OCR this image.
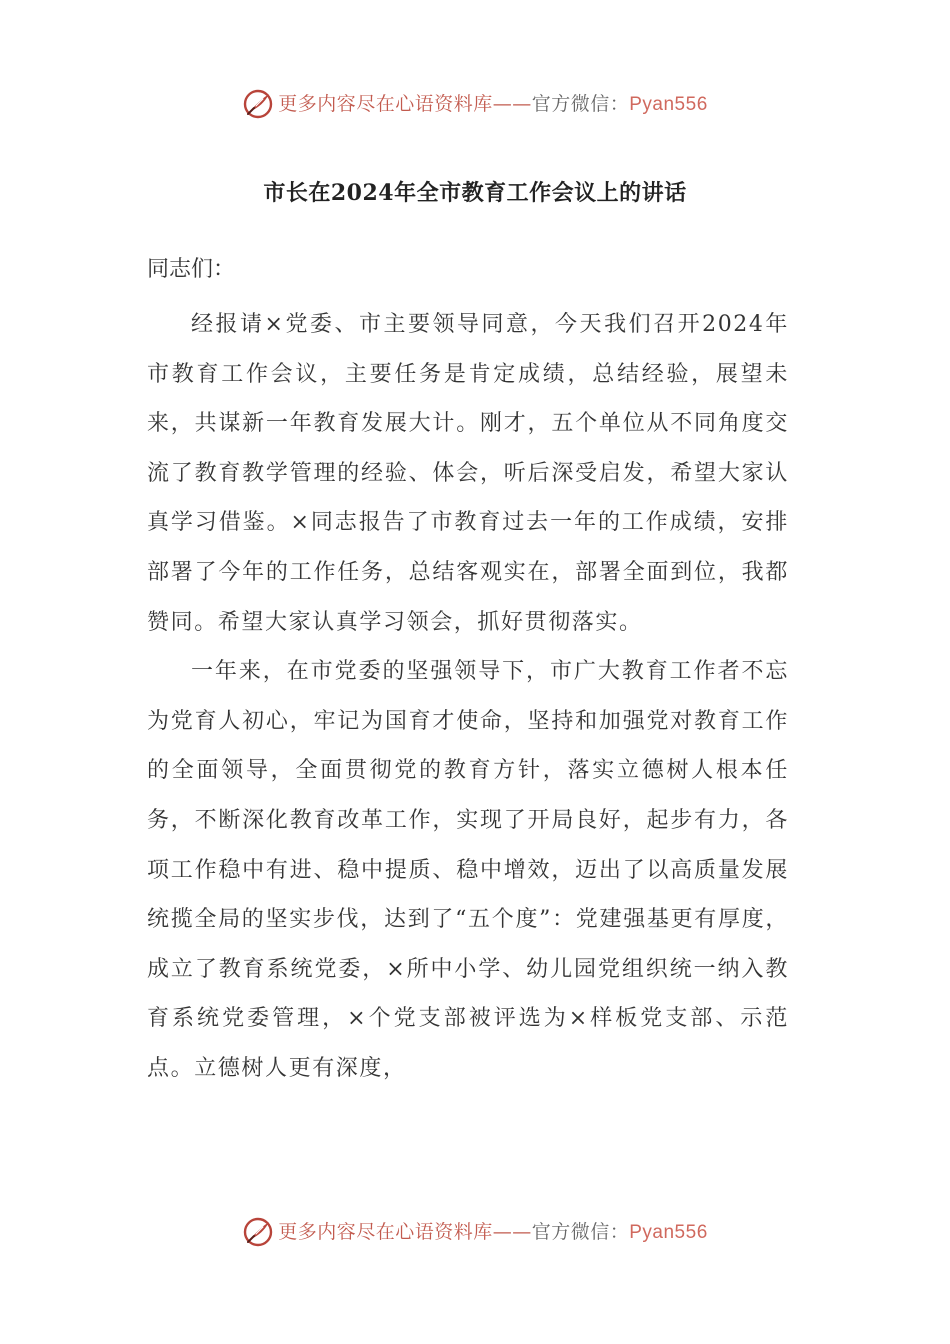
更多内容尽在心语资料库——官方微信：Pyan556
市长在2024年全市教育工作会议上的讲话

同志们：

经报请×党委、市主要领导同意，今天我们召开2024年市教育工作会议，主要任务是肯定成绩，总结经验，展望未来，共谋新一年教育发展大计。刚才，五个单位从不同角度交流了教育教学管理的经验、体会，听后深受启发，希望大家认真学习借鉴。×同志报告了市教育过去一年的工作成绩，安排部署了今年的工作任务，总结客观实在，部署全面到位，我都赞同。希望大家认真学习领会，抓好贯彻落实。

一年来，在市党委的坚强领导下，市广大教育工作者不忘为党育人初心，牢记为国育才使命，坚持和加强党对教育工作的全面领导，全面贯彻党的教育方针，落实立德树人根本任务，不断深化教育改革工作，实现了开局良好，起步有力，各项工作稳中有进、稳中提质、稳中增效，迈出了以高质量发展统揽全局的坚实步伐，达到了“五个度”：党建强基更有厚度，成立了教育系统党委，×所中小学、幼儿园党组织统一纳入教育系统党委管理，×个党支部被评选为×样板党支部、示范点。立德树人更有深度，

更多内容尽在心语资料库——官方微信：Pyan556
